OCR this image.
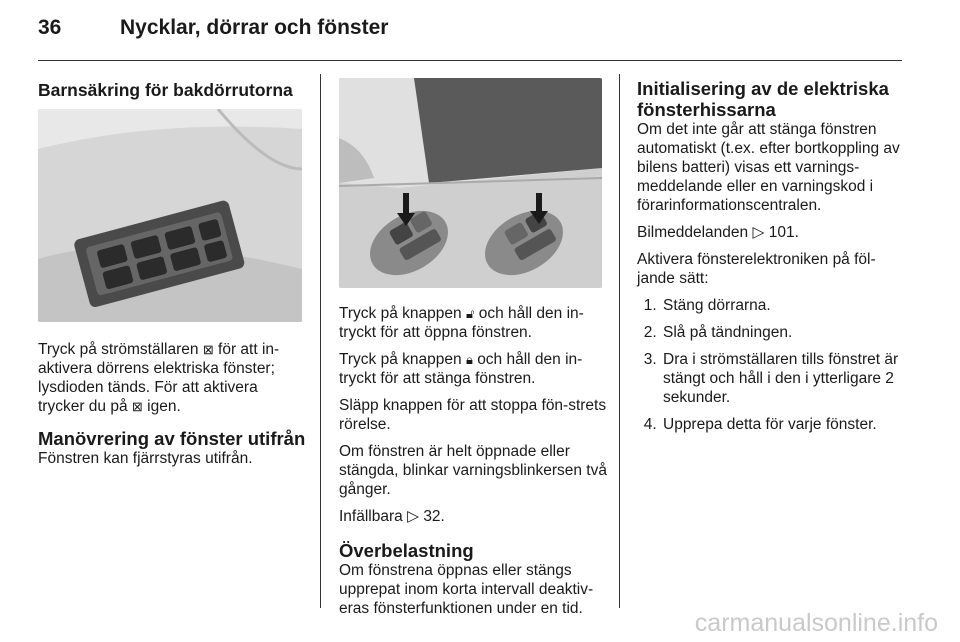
36	Nycklar, dörrar och fönster
Barnsäkring för bakdörrutorna

Tryck på strömställaren ⊠ för att in-aktivera dörrens elektriska fönster; lysdioden tänds. För att aktivera trycker du på ⊠ igen.

Manövrering av fönster utifrån

Fönstren kan fjärrstyras utifrån.

Tryck på knappen 🔓︎ och håll den in-tryckt för att öppna fönstren.

Tryck på knappen 🔒︎ och håll den in-tryckt för att stänga fönstren.

Släpp knappen för att stoppa fön-strets rörelse.

Om fönstren är helt öppnade eller stängda, blinkar varningsblinkersen två gånger.

Infällbara ▷ 32.

Överbelastning

Om fönstrena öppnas eller stängs upprepat inom korta intervall deaktiv-eras fönsterfunktionen under en tid.

Initialisering av de elektriska fönsterhissarna

Om det inte går att stänga fönstren automatiskt (t.ex. efter bortkoppling av bilens batteri) visas ett varnings-meddelande eller en varningskod i förarinformationscentralen.

Bilmeddelanden ▷ 101.

Aktivera fönsterelektroniken på föl-jande sätt:

1. Stäng dörrarna.
2. Slå på tändningen.
3. Dra i strömställaren tills fönstret är stängt och håll i den i ytterligare 2 sekunder.
4. Upprepa detta för varje fönster.
carmanualsonline.info
